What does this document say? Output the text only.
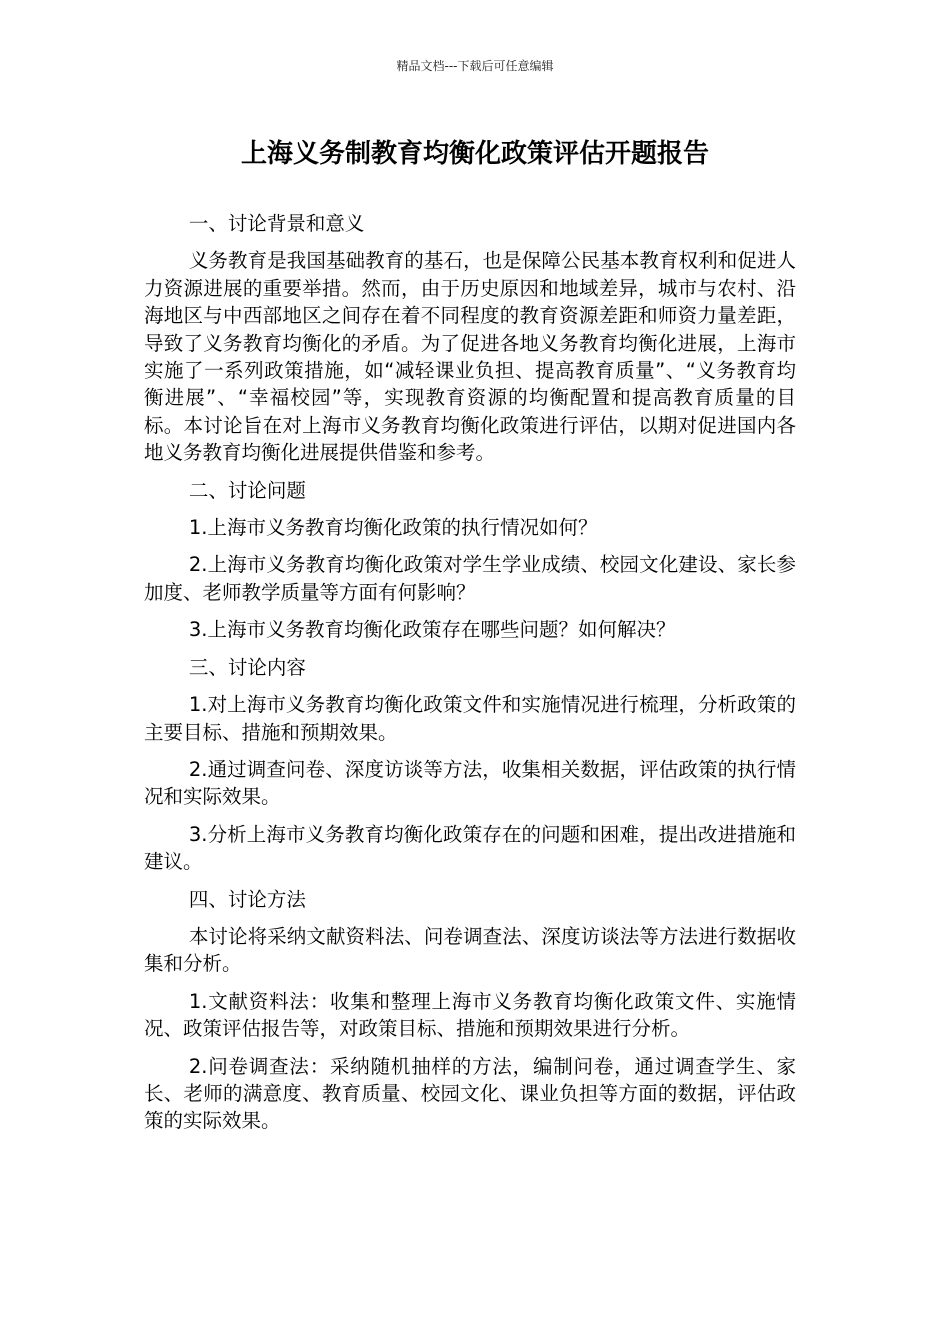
精品文档---下载后可任意编辑
上海义务制教育均衡化政策评估开题报告

一、讨论背景和意义

义务教育是我国基础教育的基石，也是保障公民基本教育权利和促进人力资源进展的重要举措。然而，由于历史原因和地域差异，城市与农村、沿海地区与中西部地区之间存在着不同程度的教育资源差距和师资力量差距，导致了义务教育均衡化的矛盾。为了促进各地义务教育均衡化进展，上海市实施了一系列政策措施，如“减轻课业负担、提高教育质量”、“义务教育均衡进展”、“幸福校园”等，实现教育资源的均衡配置和提高教育质量的目标。本讨论旨在对上海市义务教育均衡化政策进行评估，以期对促进国内各地义务教育均衡化进展提供借鉴和参考。

二、讨论问题

1.上海市义务教育均衡化政策的执行情况如何？

2.上海市义务教育均衡化政策对学生学业成绩、校园文化建设、家长参加度、老师教学质量等方面有何影响？

3.上海市义务教育均衡化政策存在哪些问题？如何解决？

三、讨论内容

1.对上海市义务教育均衡化政策文件和实施情况进行梳理，分析政策的主要目标、措施和预期效果。

2.通过调查问卷、深度访谈等方法，收集相关数据，评估政策的执行情况和实际效果。

3.分析上海市义务教育均衡化政策存在的问题和困难，提出改进措施和建议。

四、讨论方法

本讨论将采纳文献资料法、问卷调查法、深度访谈法等方法进行数据收集和分析。

1.文献资料法：收集和整理上海市义务教育均衡化政策文件、实施情况、政策评估报告等，对政策目标、措施和预期效果进行分析。

2.问卷调查法：采纳随机抽样的方法，编制问卷，通过调查学生、家长、老师的满意度、教育质量、校园文化、课业负担等方面的数据，评估政策的实际效果。
